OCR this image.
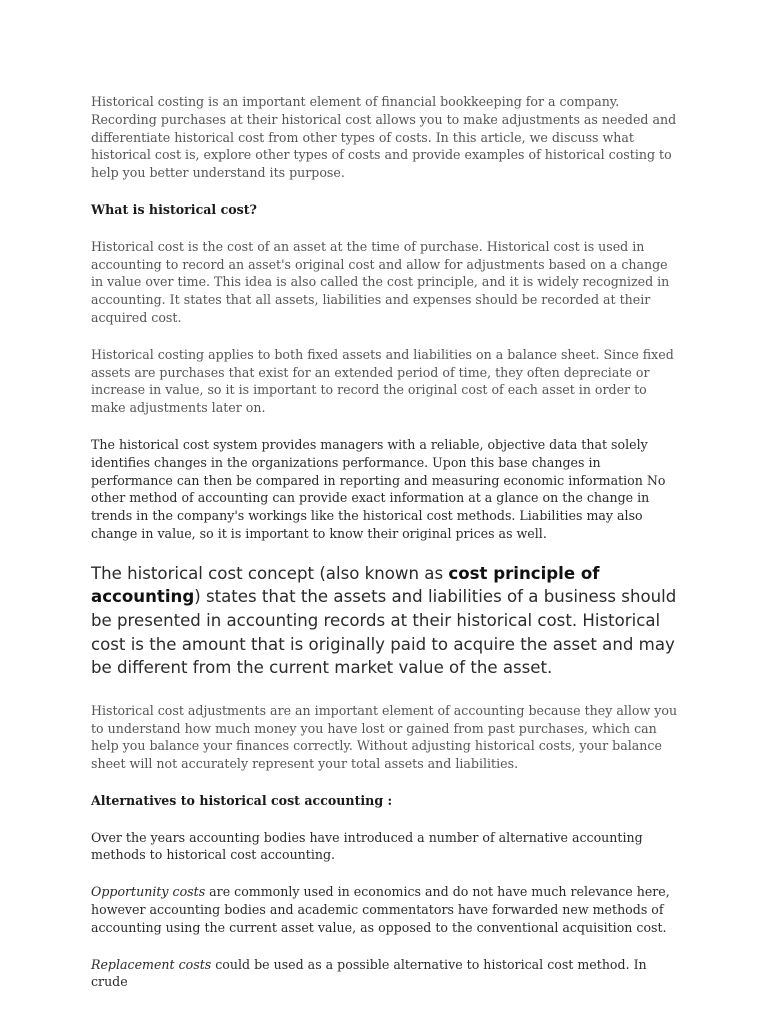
Historical costing is an important element of financial bookkeeping for a company. Recording purchases at their historical cost allows you to make adjustments as needed and differentiate historical cost from other types of costs. In this article, we discuss what historical cost is, explore other types of costs and provide examples of historical costing to help you better understand its purpose.

What is historical cost?

Historical cost is the cost of an asset at the time of purchase. Historical cost is used in accounting to record an asset's original cost and allow for adjustments based on a change in value over time. This idea is also called the cost principle, and it is widely recognized in accounting. It states that all assets, liabilities and expenses should be recorded at their acquired cost.

Historical costing applies to both fixed assets and liabilities on a balance sheet. Since fixed assets are purchases that exist for an extended period of time, they often depreciate or increase in value, so it is important to record the original cost of each asset in order to make adjustments later on.

The historical cost system provides managers with a reliable, objective data that solely identifies changes in the organizations performance. Upon this base changes in performance can then be compared in reporting and measuring economic information No other method of accounting can provide exact information at a glance on the change in trends in the company's workings like the historical cost methods. Liabilities may also change in value, so it is important to know their original prices as well.

The historical cost concept (also known as cost principle of accounting) states that the assets and liabilities of a business should be presented in accounting records at their historical cost. Historical cost is the amount that is originally paid to acquire the asset and may be different from the current market value of the asset.

Historical cost adjustments are an important element of accounting because they allow you to understand how much money you have lost or gained from past purchases, which can help you balance your finances correctly. Without adjusting historical costs, your balance sheet will not accurately represent your total assets and liabilities.

Alternatives to historical cost accounting :

Over the years accounting bodies have introduced a number of alternative accounting methods to historical cost accounting.

Opportunity costs are commonly used in economics and do not have much relevance here, however accounting bodies and academic commentators have forwarded new methods of accounting using the current asset value, as opposed to the conventional acquisition cost.

Replacement costs could be used as a possible alternative to historical cost method. In crude
